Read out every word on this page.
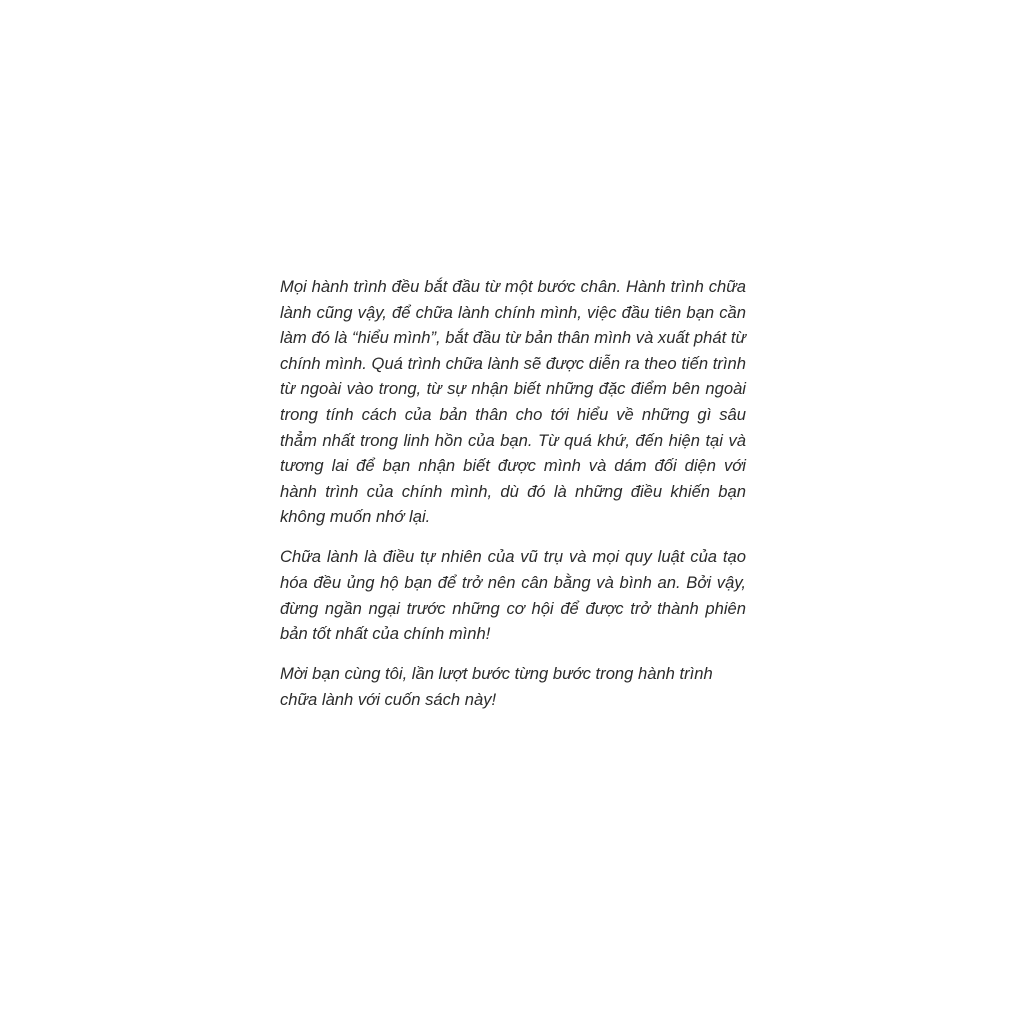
Mọi hành trình đều bắt đầu từ một bước chân. Hành trình chữa lành cũng vậy, để chữa lành chính mình, việc đầu tiên bạn cần làm đó là “hiểu mình”, bắt đầu từ bản thân mình và xuất phát từ chính mình. Quá trình chữa lành sẽ được diễn ra theo tiến trình từ ngoài vào trong, từ sự nhận biết những đặc điểm bên ngoài trong tính cách của bản thân cho tới hiểu về những gì sâu thẳm nhất trong linh hồn của bạn. Từ quá khứ, đến hiện tại và tương lai để bạn nhận biết được mình và dám đối diện với hành trình của chính mình, dù đó là những điều khiến bạn không muốn nhớ lại.

Chữa lành là điều tự nhiên của vũ trụ và mọi quy luật của tạo hóa đều ủng hộ bạn để trở nên cân bằng và bình an. Bởi vậy, đừng ngần ngại trước những cơ hội để được trở thành phiên bản tốt nhất của chính mình!

Mời bạn cùng tôi, lần lượt bước từng bước trong hành trình chữa lành với cuốn sách này!
